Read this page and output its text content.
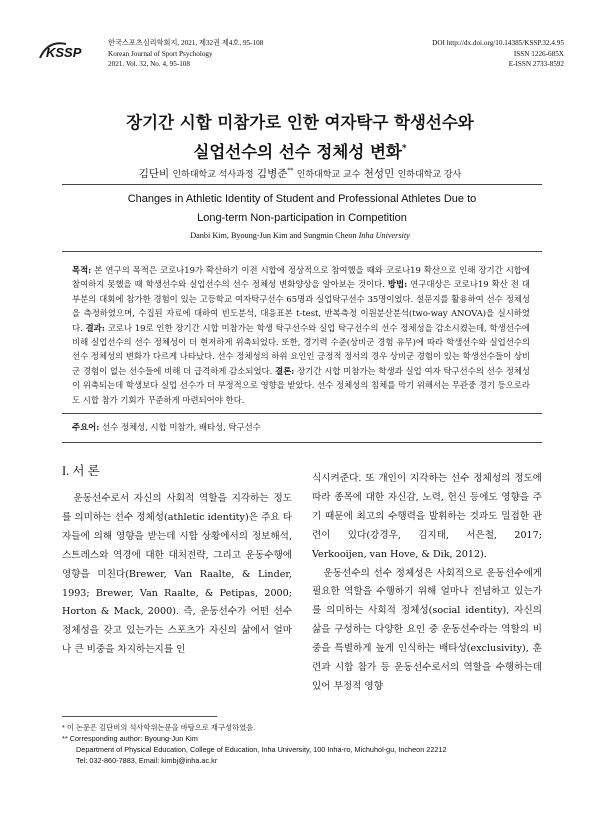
KSSP
한국스포츠심리학회지, 2021, 제32권 제4호, 95-108
Korean Journal of Sport Psychology
2021. Vol. 32, No. 4, 95-108
DOI http://dx.doi.org/10.14385/KSSP.32.4.95
ISSN 1226-685X
E-ISSN 2733-8592
장기간 시합 미참가로 인한 여자탁구 학생선수와
실업선수의 선수 정체성 변화*
김단비 인하대학교 석사과정 김병준** 인하대학교 교수 천성민 인하대학교 강사
Changes in Athletic Identity of Student and Professional Athletes Due to
Long-term Non-participation in Competition
Danbi Kim, Byoung-Jun Kim and Sungmin Cheon Inha University
목적: 본 연구의 목적은 코로나19가 확산하기 이전 시합에 정상적으로 참여했을 때와 코로나19 확산으로 인해 장기간 시합에 참여하지 못했을 때 학생선수와 실업선수의 선수 정체성 변화양상을 알아보는 것이다. 방법: 연구대상은 코로나19 확산 전 대부분의 대회에 참가한 경험이 있는 고등학교 여자탁구선수 65명과 실업탁구선수 35명이었다. 설문지를 활용하여 선수 정체성을 측정하였으며, 수집된 자료에 대하여 빈도분석, 대응표본 t-test, 반복측정 이원분산분석(two-way ANOVA)을 실시하였다. 결과: 코로나 19로 인한 장기간 시합 미참가는 학생 탁구선수와 실업 탁구선수의 선수 정체성을 감소시켰는데, 학생선수에 비해 실업선수의 선수 정체성이 더 현저하게 위축되었다. 또한, 경기력 수준(상비군 경험 유무)에 따라 학생선수와 실업선수의 선수 정체성의 변화가 다르게 나타났다. 선수 정체성의 하위 요인인 긍정적 정서의 경우 상비군 경험이 있는 학생선수들이 상비군 경험이 없는 선수들에 비해 더 급격하게 감소되었다. 결론: 장기간 시합 미참가는 학생과 실업 여자 탁구선수의 선수 정체성이 위축되는데 학생보다 실업 선수가 더 부정적으로 영향을 받았다. 선수 정체성의 침체를 막기 위해서는 무관중 경기 등으로라도 시합 참가 기회가 꾸준하게 마련되어야 한다.
주요어: 선수 정체성, 시합 미참가, 배타성, 탁구선수
I. 서 론

운동선수로서 자신의 사회적 역할을 지각하는 정도를 의미하는 선수 정체성(athletic identity)은 주요 타자들에 의해 영향을 받는데 시합 상황에서의 정보해석, 스트레스와 역경에 대한 대처전략, 그리고 운동수행에 영향을 미친다(Brewer, Van Raalte, & Linder, 1993; Brewer, Van Raalte, & Petipas, 2000; Horton & Mack, 2000). 즉, 운동선수가 어떤 선수 정체성을 갖고 있는가는 스포츠가 자신의 삶에서 얼마나 큰 비중을 차지하는지를 인

식시켜준다. 또 개인이 지각하는 선수 정체성의 정도에 따라 종목에 대한 자신감, 노력, 헌신 등에도 영향을 주기 때문에 최고의 수행력을 발휘하는 것과도 밀접한 관련이 있다(강경우, 김지태, 서은철, 2017; Verkooijen, van Hove, & Dik, 2012).

운동선수의 선수 정체성은 사회적으로 운동선수에게 필요한 역할을 수행하기 위해 얼마나 전념하고 있는가를 의미하는 사회적 정체성(social identity), 자신의 삶을 구성하는 다양한 요인 중 운동선수라는 역할의 비중을 특별하게 높게 인식하는 배타성(exclusivity), 훈련과 시합 참가 등 운동선수로서의 역할을 수행하는데 있어 부정적 영향

* 이 논문은 김단비의 석사학위논문을 바탕으로 재구성하였음.
** Corresponding author: Byoung-Jun Kim
Department of Physical Education, College of Education, Inha University, 100 Inha-ro, Michuhol-gu, Incheon 22212
Tel: 032-860-7883, Email: kimbj@inha.ac.kr
